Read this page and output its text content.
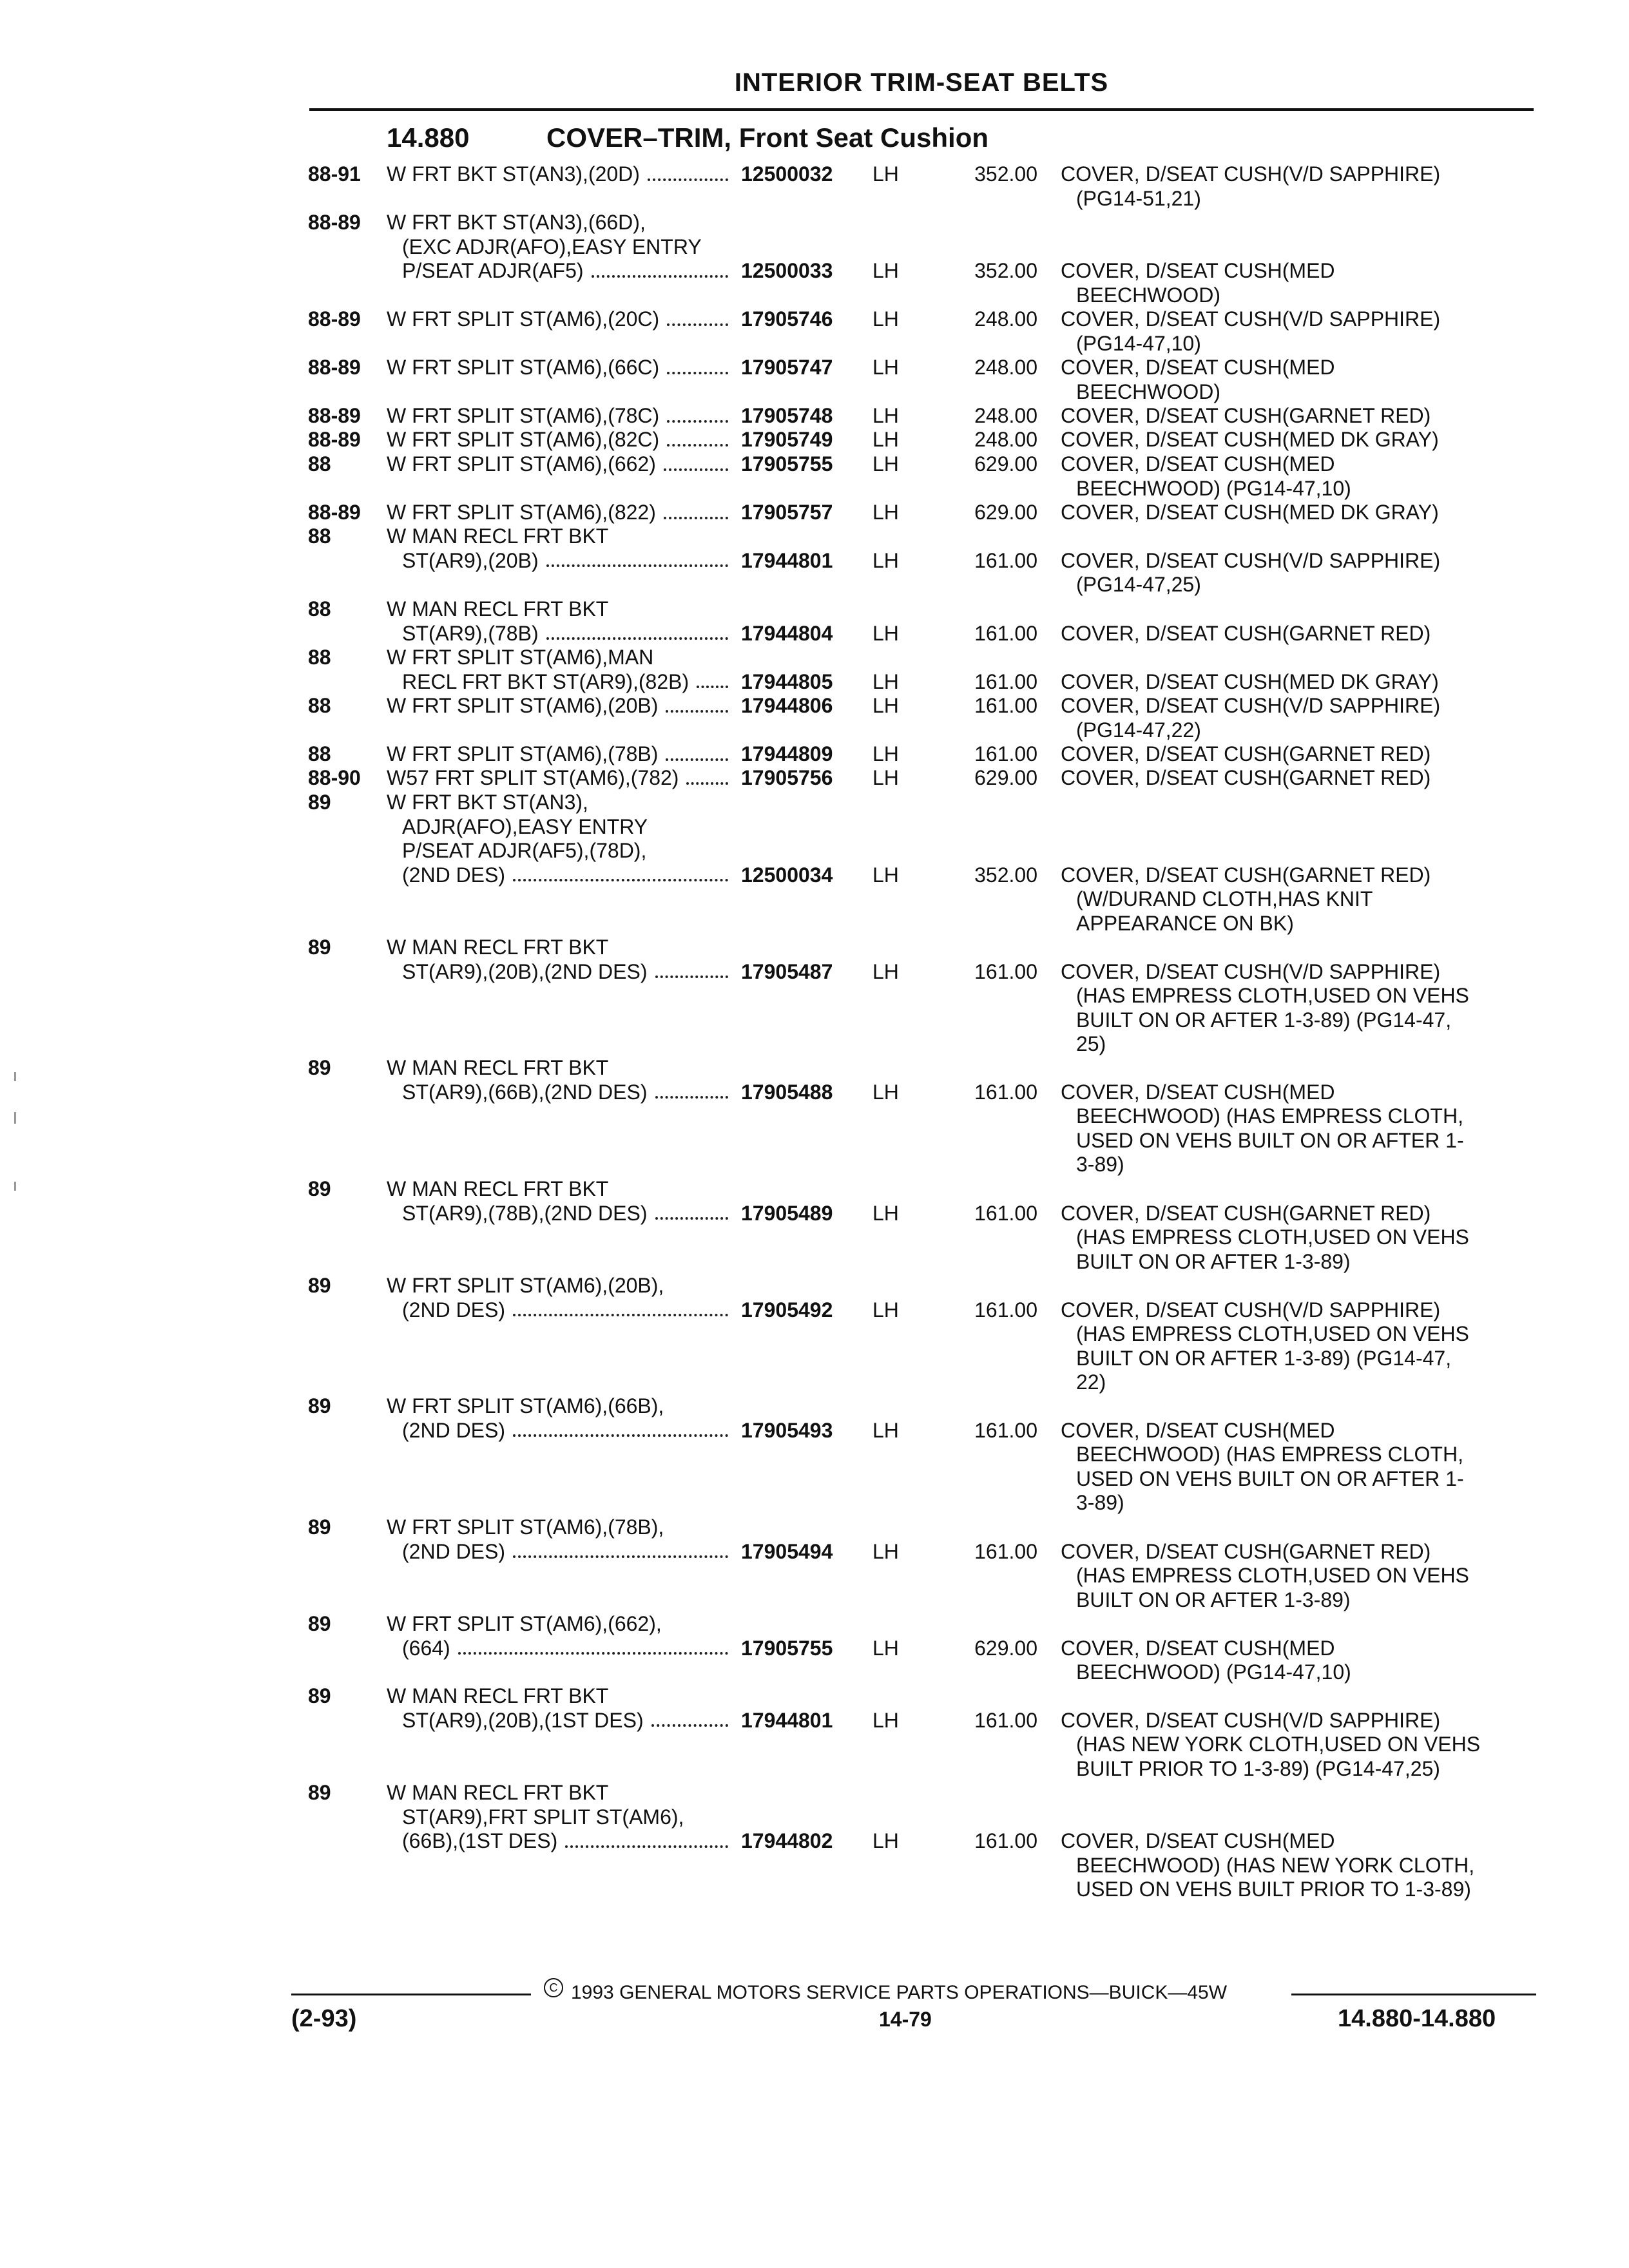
INTERIOR TRIM-SEAT BELTS
14.880	COVER–TRIM, Front Seat Cushion
88-91 W FRT BKT ST(AN3),(20D)	12500032 LH	352.00 COVER, D/SEAT CUSH(V/D SAPPHIRE)
(PG14-51,21)
88-89 W FRT BKT ST(AN3),(66D),
(EXC ADJR(AFO),EASY ENTRY
P/SEAT ADJR(AF5)	12500033 LH	352.00 COVER, D/SEAT CUSH(MED
BEECHWOOD)
88-89 W FRT SPLIT ST(AM6),(20C)	17905746 LH	248.00 COVER, D/SEAT CUSH(V/D SAPPHIRE)
(PG14-47,10)
88-89 W FRT SPLIT ST(AM6),(66C)	17905747 LH	248.00 COVER, D/SEAT CUSH(MED
BEECHWOOD)
88-89 W FRT SPLIT ST(AM6),(78C)	17905748 LH	248.00 COVER, D/SEAT CUSH(GARNET RED)
88-89 W FRT SPLIT ST(AM6),(82C)	17905749 LH	248.00 COVER, D/SEAT CUSH(MED DK GRAY)
88	W FRT SPLIT ST(AM6),(662)	17905755 LH	629.00 COVER, D/SEAT CUSH(MED
BEECHWOOD) (PG14-47,10)
88-89 W FRT SPLIT ST(AM6),(822)	17905757 LH	629.00 COVER, D/SEAT CUSH(MED DK GRAY)
88	W MAN RECL FRT BKT
ST(AR9),(20B)	17944801 LH	161.00 COVER, D/SEAT CUSH(V/D SAPPHIRE)
(PG14-47,25)
88	W MAN RECL FRT BKT
ST(AR9),(78B)	17944804 LH	161.00 COVER, D/SEAT CUSH(GARNET RED)
88	W FRT SPLIT ST(AM6),MAN
RECL FRT BKT ST(AR9),(82B)	17944805 LH	161.00 COVER, D/SEAT CUSH(MED DK GRAY)
88	W FRT SPLIT ST(AM6),(20B)	17944806 LH	161.00 COVER, D/SEAT CUSH(V/D SAPPHIRE)
(PG14-47,22)
88	W FRT SPLIT ST(AM6),(78B)	17944809 LH	161.00 COVER, D/SEAT CUSH(GARNET RED)
88-90 W57 FRT SPLIT ST(AM6),(782)	17905756 LH	629.00 COVER, D/SEAT CUSH(GARNET RED)
89	W FRT BKT ST(AN3),
ADJR(AFO),EASY ENTRY
P/SEAT ADJR(AF5),(78D),
(2ND DES)	12500034 LH	352.00 COVER, D/SEAT CUSH(GARNET RED)
(W/DURAND CLOTH,HAS KNIT
APPEARANCE ON BK)
89	W MAN RECL FRT BKT
ST(AR9),(20B),(2ND DES)	17905487 LH	161.00 COVER, D/SEAT CUSH(V/D SAPPHIRE)
(HAS EMPRESS CLOTH,USED ON VEHS
BUILT ON OR AFTER 1-3-89) (PG14-47,
25)
89	W MAN RECL FRT BKT
ST(AR9),(66B),(2ND DES)	17905488 LH	161.00 COVER, D/SEAT CUSH(MED
BEECHWOOD) (HAS EMPRESS CLOTH,
USED ON VEHS BUILT ON OR AFTER 1-
3-89)
89	W MAN RECL FRT BKT
ST(AR9),(78B),(2ND DES)	17905489 LH	161.00 COVER, D/SEAT CUSH(GARNET RED)
(HAS EMPRESS CLOTH,USED ON VEHS
BUILT ON OR AFTER 1-3-89)
89	W FRT SPLIT ST(AM6),(20B),
(2ND DES)	17905492 LH	161.00 COVER, D/SEAT CUSH(V/D SAPPHIRE)
(HAS EMPRESS CLOTH,USED ON VEHS
BUILT ON OR AFTER 1-3-89) (PG14-47,
22)
89	W FRT SPLIT ST(AM6),(66B),
(2ND DES)	17905493 LH	161.00 COVER, D/SEAT CUSH(MED
BEECHWOOD) (HAS EMPRESS CLOTH,
USED ON VEHS BUILT ON OR AFTER 1-
3-89)
89	W FRT SPLIT ST(AM6),(78B),
(2ND DES)	17905494 LH	161.00 COVER, D/SEAT CUSH(GARNET RED)
(HAS EMPRESS CLOTH,USED ON VEHS
BUILT ON OR AFTER 1-3-89)
89	W FRT SPLIT ST(AM6),(662),
(664)	17905755 LH	629.00 COVER, D/SEAT CUSH(MED
BEECHWOOD) (PG14-47,10)
89	W MAN RECL FRT BKT
ST(AR9),(20B),(1ST DES)	17944801 LH	161.00 COVER, D/SEAT CUSH(V/D SAPPHIRE)
(HAS NEW YORK CLOTH,USED ON VEHS
BUILT PRIOR TO 1-3-89) (PG14-47,25)
89	W MAN RECL FRT BKT
ST(AR9),FRT SPLIT ST(AM6),
(66B),(1ST DES)	17944802 LH	161.00 COVER, D/SEAT CUSH(MED
BEECHWOOD) (HAS NEW YORK CLOTH,
USED ON VEHS BUILT PRIOR TO 1-3-89)
C 1993 GENERAL MOTORS SERVICE PARTS OPERATIONS—BUICK—45W
(2-93)	14-79	14.880-14.880
